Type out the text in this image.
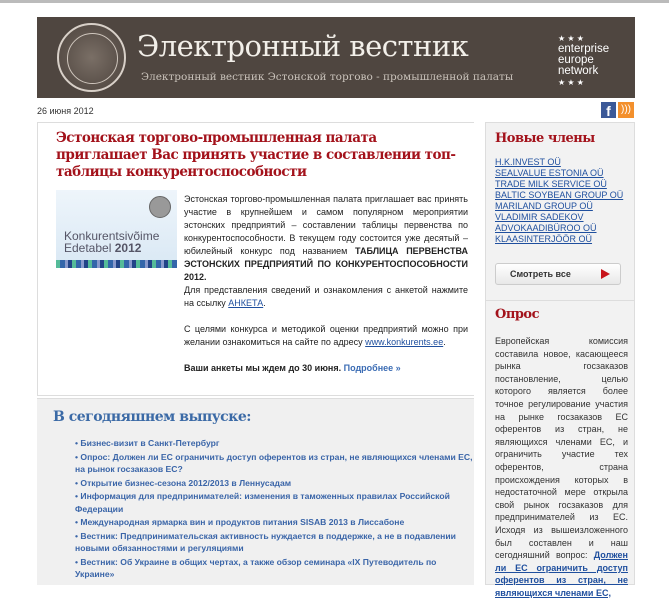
Электронный вестник
Электронный вестник Эстонской торгово - промышленной палаты
★ ★ ★
enterprise
europe
network
★ ★ ★
26 июня 2012	f	)))
Эстонская торгово-промышленная палата приглашает Вас принять участие в составлении топ-таблицы конкурентоспособности
Konkurentsivõime
Edetabel 2012

Эстонская торгово-промышленная палата приглашает вас принять участие в крупнейшем и самом популярном мероприятии эстонских предприятий – составлении таблицы первенства по конкурентоспособности. В текущем году состоится уже десятый – юбилейный конкурс под названием ТАБЛИЦА ПЕРВЕНСТВА ЭСТОНСКИХ ПРЕДПРИЯТИЙ ПО КОНКУРЕНТОСПОСОБНОСТИ 2012.

Для представления сведений и ознакомления с анкетой нажмите на ссылку АНКЕТА.

С целями конкурса и методикой оценки предприятий можно при желании ознакомиться на сайте по адресу www.konkurents.ee.

Ваши анкеты мы ждем до 30 июня. Подробнее »

В сегодняшнем выпуске:
• Бизнес-визит в Санкт-Петербург
• Опрос: Должен ли ЕС ограничить доступ оферентов из стран, не являющихся членами ЕС, на рынок госзаказов ЕС?
• Открытие бизнес-сезона 2012/2013 в Леннусадам
• Информация для предпринимателей: изменения в таможенных правилах Российской Федерации
• Международная ярмарка вин и продуктов питания SISAB 2013 в Лиссабоне
• Вестник: Предпринимательская активность нуждается в поддержке, а не в подавлении новыми обязанностями и регуляциями
• Вестник: Об Украине в общих чертах, а также обзор семинара «IX Путеводитель по Украине»
Новые члены
H.K.INVEST OÜ
SEALVALUE ESTONIA OÜ
TRADE MILK SERVICE OÜ
BALTIC SOYBEAN GROUP OÜ
MARILAND GROUP OÜ
VLADIMIR SADEKOV
ADVOKAADIBÜROO OÜ
KLAASINTERJÖÖR OÜ
Смотреть все
Опрос
Европейская комиссия составила новое, касающееся рынка госзаказов постановление, целью которого является более точное регулирование участия на рынке госзаказов ЕС оферентов из стран, не являющихся членами ЕС, и ограничить участие тех оферентов, страна происхождения которых в недостаточной мере открыла свой рынок госзаказов для предпринимателей из ЕС. Исходя из вышеизложенного был составлен и наш сегодняшний вопрос: Должен ли ЕС ограничить доступ оферентов из стран, не являющихся членами ЕС,
